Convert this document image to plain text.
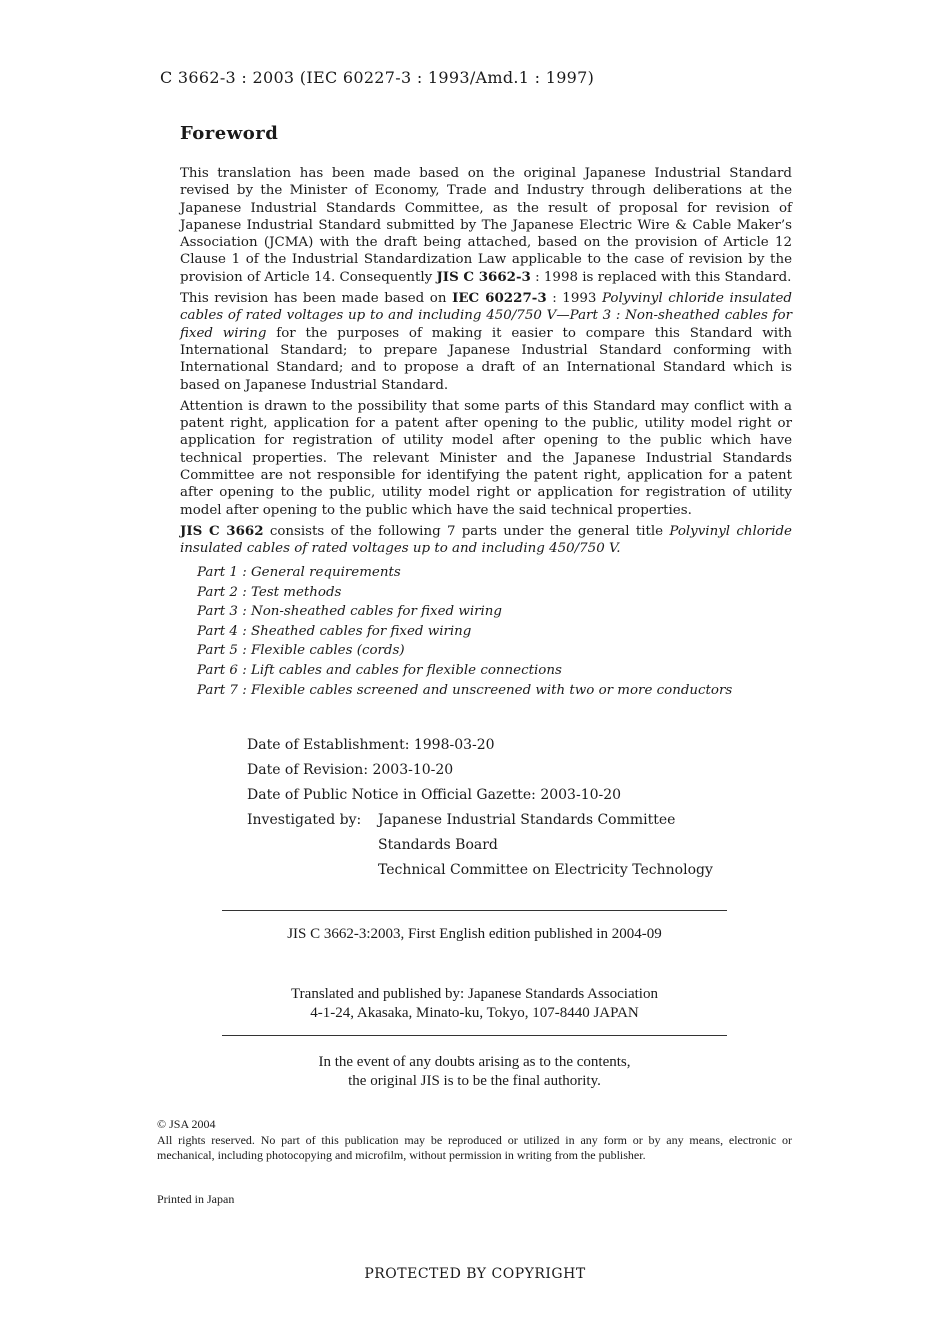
C 3662-3 : 2003 (IEC 60227-3 : 1993/Amd.1 : 1997)
Foreword

This translation has been made based on the original Japanese Industrial Standard revised by the Minister of Economy, Trade and Industry through deliberations at the Japanese Industrial Standards Committee, as the result of proposal for revision of Japanese Industrial Standard submitted by The Japanese Electric Wire & Cable Maker’s Association (JCMA) with the draft being attached, based on the provision of Article 12 Clause 1 of the Industrial Standardization Law applicable to the case of revision by the provision of Article 14. Consequently JIS C 3662-3 : 1998 is replaced with this Standard.

This revision has been made based on IEC 60227-3 : 1993 Polyvinyl chloride insulated cables of rated voltages up to and including 450/750 V—Part 3 : Non-sheathed cables for fixed wiring for the purposes of making it easier to compare this Standard with International Standard; to prepare Japanese Industrial Standard conforming with International Standard; and to propose a draft of an International Standard which is based on Japanese Industrial Standard.

Attention is drawn to the possibility that some parts of this Standard may conflict with a patent right, application for a patent after opening to the public, utility model right or application for registration of utility model after opening to the public which have technical properties. The relevant Minister and the Japanese Industrial Standards Committee are not responsible for identifying the patent right, application for a patent after opening to the public, utility model right or application for registration of utility model after opening to the public which have the said technical properties.

JIS C 3662 consists of the following 7 parts under the general title Polyvinyl chloride insulated cables of rated voltages up to and including 450/750 V.

Part 1 : General requirements
Part 2 : Test methods
Part 3 : Non-sheathed cables for fixed wiring
Part 4 : Sheathed cables for fixed wiring
Part 5 : Flexible cables (cords)
Part 6 : Lift cables and cables for flexible connections
Part 7 : Flexible cables screened and unscreened with two or more conductors
Date of Establishment: 1998-03-20
Date of Revision: 2003-10-20
Date of Public Notice in Official Gazette: 2003-10-20
Investigated by: Japanese Industrial Standards Committee
Standards Board
Technical Committee on Electricity Technology
JIS C 3662-3:2003, First English edition published in 2004-09
Translated and published by: Japanese Standards Association
4-1-24, Akasaka, Minato-ku, Tokyo, 107-8440 JAPAN
In the event of any doubts arising as to the contents,
the original JIS is to be the final authority.
© JSA 2004
All rights reserved. No part of this publication may be reproduced or utilized in any form or by any means, electronic or mechanical, including photocopying and microfilm, without permission in writing from the publisher.
Printed in Japan
PROTECTED BY COPYRIGHT
